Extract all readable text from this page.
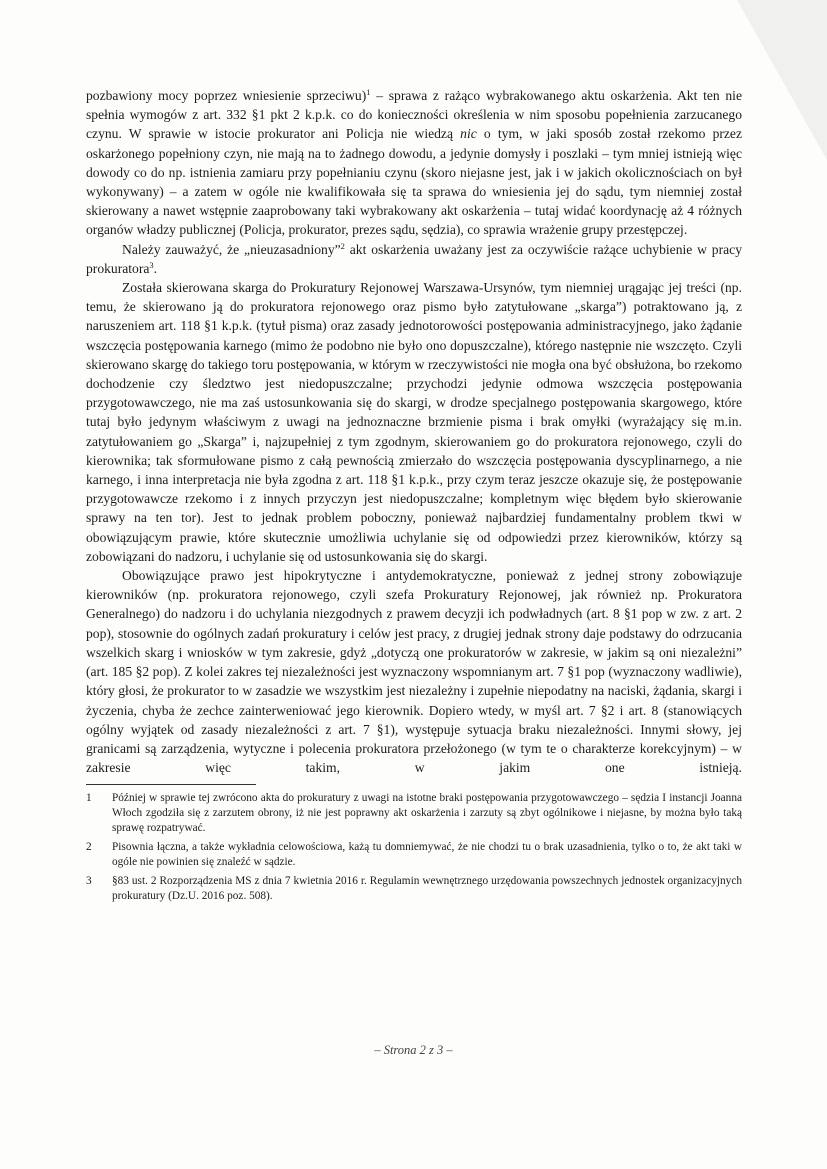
pozbawiony mocy poprzez wniesienie sprzeciwu)$^1$ – sprawa z rażąco wybrakowanego aktu oskarżenia. Akt ten nie spełnia wymogów z art. 332 §1 pkt 2 k.p.k. co do konieczności określenia w nim sposobu popełnienia zarzucanego czynu. W sprawie w istocie prokurator ani Policja nie wiedzą nic o tym, w jaki sposób został rzekomo przez oskarżonego popełniony czyn, nie mają na to żadnego dowodu, a jedynie domysły i poszlaki – tym mniej istnieją więc dowody co do np. istnienia zamiaru przy popełnianiu czynu (skoro niejasne jest, jak i w jakich okolicznościach on był wykonywany) – a zatem w ogóle nie kwalifikowała się ta sprawa do wniesienia jej do sądu, tym niemniej został skierowany a nawet wstępnie zaaprobowany taki wybrakowany akt oskarżenia – tutaj widać koordynację aż 4 różnych organów władzy publicznej (Policja, prokurator, prezes sądu, sędzia), co sprawia wrażenie grupy przestępczej.

Należy zauważyć, że „nieuzasadniony”$^2$ akt oskarżenia uważany jest za oczywiście rażące uchybienie w pracy prokuratora$^3$.

Została skierowana skarga do Prokuratury Rejonowej Warszawa-Ursynów, tym niemniej urągając jej treści (np. temu, że skierowano ją do prokuratora rejonowego oraz pismo było zatytułowane „skarga”) potraktowano ją, z naruszeniem art. 118 §1 k.p.k. (tytuł pisma) oraz zasady jednotorowości postępowania administracyjnego, jako żądanie wszczęcia postępowania karnego (mimo że podobno nie było ono dopuszczalne), którego następnie nie wszczęto. Czyli skierowano skargę do takiego toru postępowania, w którym w rzeczywistości nie mogła ona być obsłużona, bo rzekomo dochodzenie czy śledztwo jest niedopuszczalne; przychodzi jedynie odmowa wszczęcia postępowania przygotowawczego, nie ma zaś ustosunkowania się do skargi, w drodze specjalnego postępowania skargowego, które tutaj było jedynym właściwym z uwagi na jednoznaczne brzmienie pisma i brak omyłki (wyrażający się m.in. zatytułowaniem go „Skarga” i, najzupełniej z tym zgodnym, skierowaniem go do prokuratora rejonowego, czyli do kierownika; tak sformułowane pismo z całą pewnością zmierzało do wszczęcia postępowania dyscyplinarnego, a nie karnego, i inna interpretacja nie była zgodna z art. 118 §1 k.p.k., przy czym teraz jeszcze okazuje się, że postępowanie przygotowawcze rzekomo i z innych przyczyn jest niedopuszczalne; kompletnym więc błędem było skierowanie sprawy na ten tor). Jest to jednak problem poboczny, ponieważ najbardziej fundamentalny problem tkwi w obowiązującym prawie, które skutecznie umożliwia uchylanie się od odpowiedzi przez kierowników, którzy są zobowiązani do nadzoru, i uchylanie się od ustosunkowania się do skargi.

Obowiązujące prawo jest hipokrytyczne i antydemokratyczne, ponieważ z jednej strony zobowiązuje kierowników (np. prokuratora rejonowego, czyli szefa Prokuratury Rejonowej, jak również np. Prokuratora Generalnego) do nadzoru i do uchylania niezgodnych z prawem decyzji ich podwładnych (art. 8 §1 pop w zw. z art. 2 pop), stosownie do ogólnych zadań prokuratury i celów jest pracy, z drugiej jednak strony daje podstawy do odrzucania wszelkich skarg i wniosków w tym zakresie, gdyż „dotyczą one prokuratorów w zakresie, w jakim są oni niezależni” (art. 185 §2 pop). Z kolei zakres tej niezależności jest wyznaczony wspomnianym art. 7 §1 pop (wyznaczony wadliwie), który głosi, że prokurator to w zasadzie we wszystkim jest niezależny i zupełnie niepodatny na naciski, żądania, skargi i życzenia, chyba że zechce zainterweniować jego kierownik. Dopiero wtedy, w myśl art. 7 §2 i art. 8 (stanowiących ogólny wyjątek od zasady niezależności z art. 7 §1), występuje sytuacja braku niezależności. Innymi słowy, jej granicami są zarządzenia, wytyczne i polecenia prokuratora przełożonego (w tym te o charakterze korekcyjnym) – w zakresie więc takim, w jakim one istnieją.

1 Później w sprawie tej zwrócono akta do prokuratury z uwagi na istotne braki postępowania przygotowawczego – sędzia I instancji Joanna Włoch zgodziła się z zarzutem obrony, iż nie jest poprawny akt oskarżenia i zarzuty są zbyt ogólnikowe i niejasne, by można było taką sprawę rozpatrywać.
2 Pisownia łączna, a także wykładnia celowościowa, każą tu domniemywać, że nie chodzi tu o brak uzasadnienia, tylko o to, że akt taki w ogóle nie powinien się znaleźć w sądzie.
3 §83 ust. 2 Rozporządzenia MS z dnia 7 kwietnia 2016 r. Regulamin wewnętrznego urzędowania powszechnych jednostek organizacyjnych prokuratury (Dz.U. 2016 poz. 508).
– Strona 2 z 3 –
